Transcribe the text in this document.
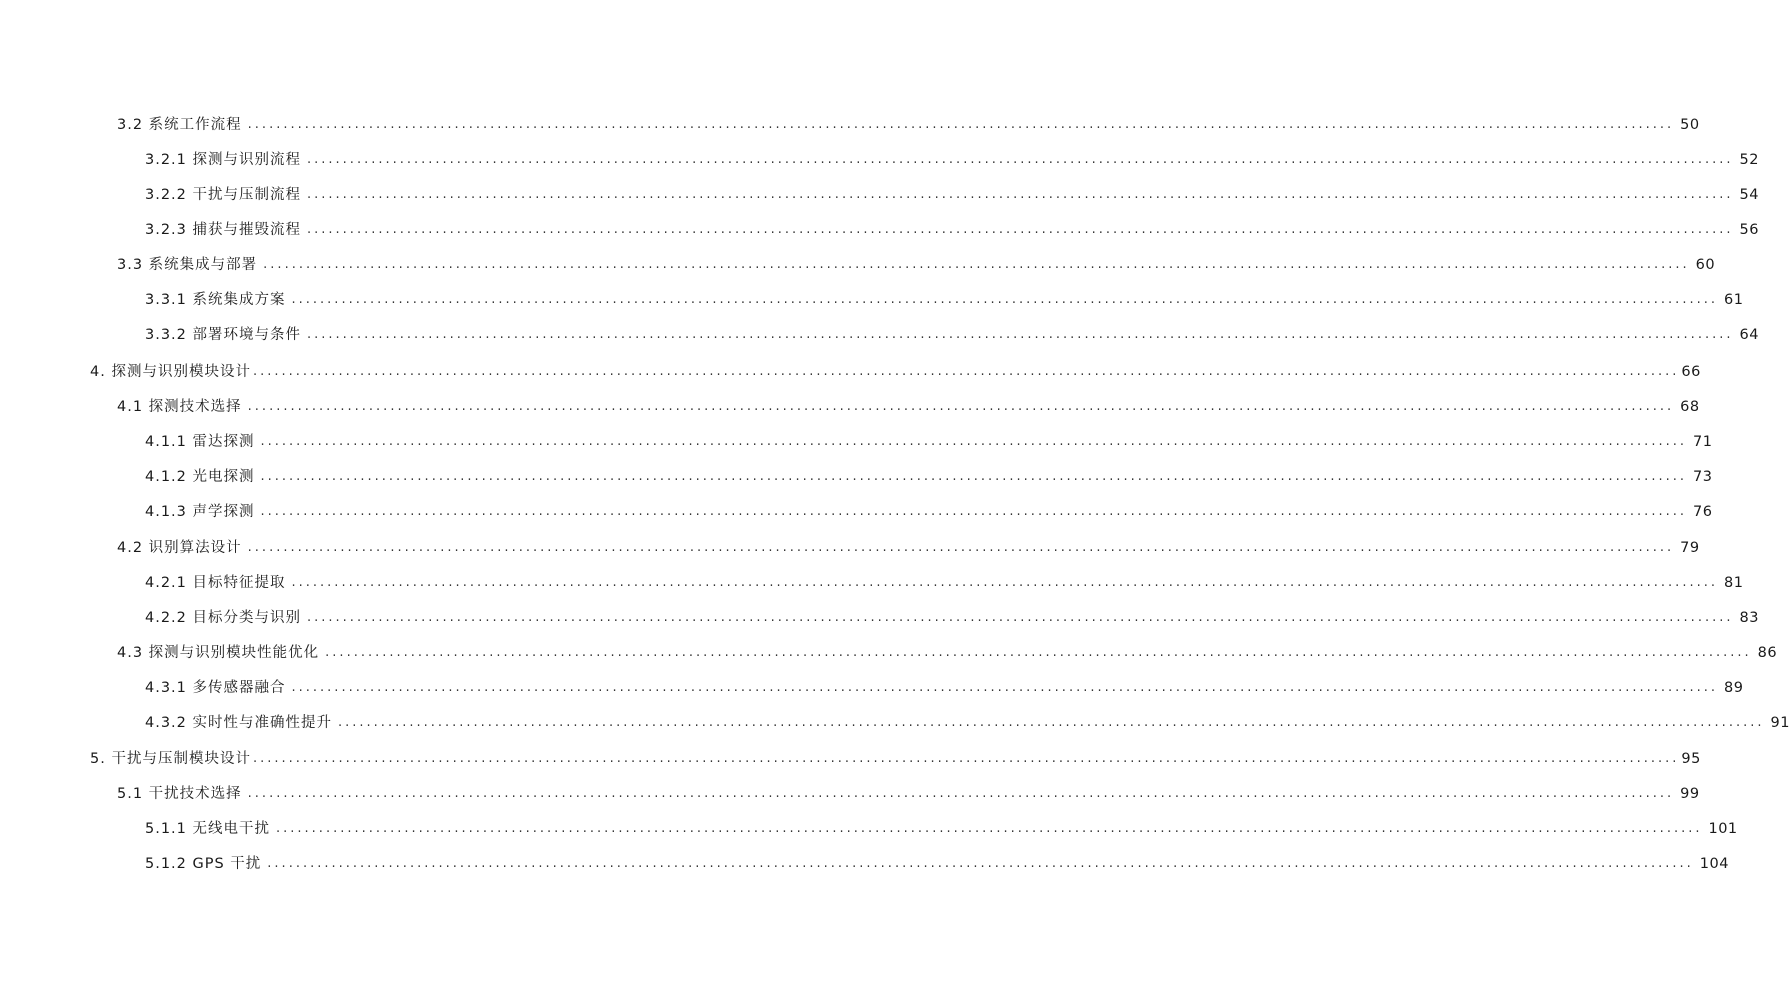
3.2 系统工作流程 ........................................................................................................................................................................................................ 50
3.2.1 探测与识别流程 ........................................................................................................................................................................................................ 52
3.2.2 干扰与压制流程 ........................................................................................................................................................................................................ 54
3.2.3 捕获与摧毁流程 ........................................................................................................................................................................................................ 56
3.3 系统集成与部署 ........................................................................................................................................................................................................ 60
3.3.1 系统集成方案 ........................................................................................................................................................................................................ 61
3.3.2 部署环境与条件 ........................................................................................................................................................................................................ 64
4. 探测与识别模块设计 ........................................................................................................................................................................................................ 66
4.1 探测技术选择 ........................................................................................................................................................................................................ 68
4.1.1 雷达探测 ........................................................................................................................................................................................................ 71
4.1.2 光电探测 ........................................................................................................................................................................................................ 73
4.1.3 声学探测 ........................................................................................................................................................................................................ 76
4.2 识别算法设计 ........................................................................................................................................................................................................ 79
4.2.1 目标特征提取 ........................................................................................................................................................................................................ 81
4.2.2 目标分类与识别 ........................................................................................................................................................................................................ 83
4.3 探测与识别模块性能优化 ........................................................................................................................................................................................................ 86
4.3.1 多传感器融合 ........................................................................................................................................................................................................ 89
4.3.2 实时性与准确性提升 ........................................................................................................................................................................................................ 91
5. 干扰与压制模块设计 ........................................................................................................................................................................................................ 95
5.1 干扰技术选择 ........................................................................................................................................................................................................ 99
5.1.1 无线电干扰 ........................................................................................................................................................................................................ 101
5.1.2 GPS 干扰 ........................................................................................................................................................................................................ 104
